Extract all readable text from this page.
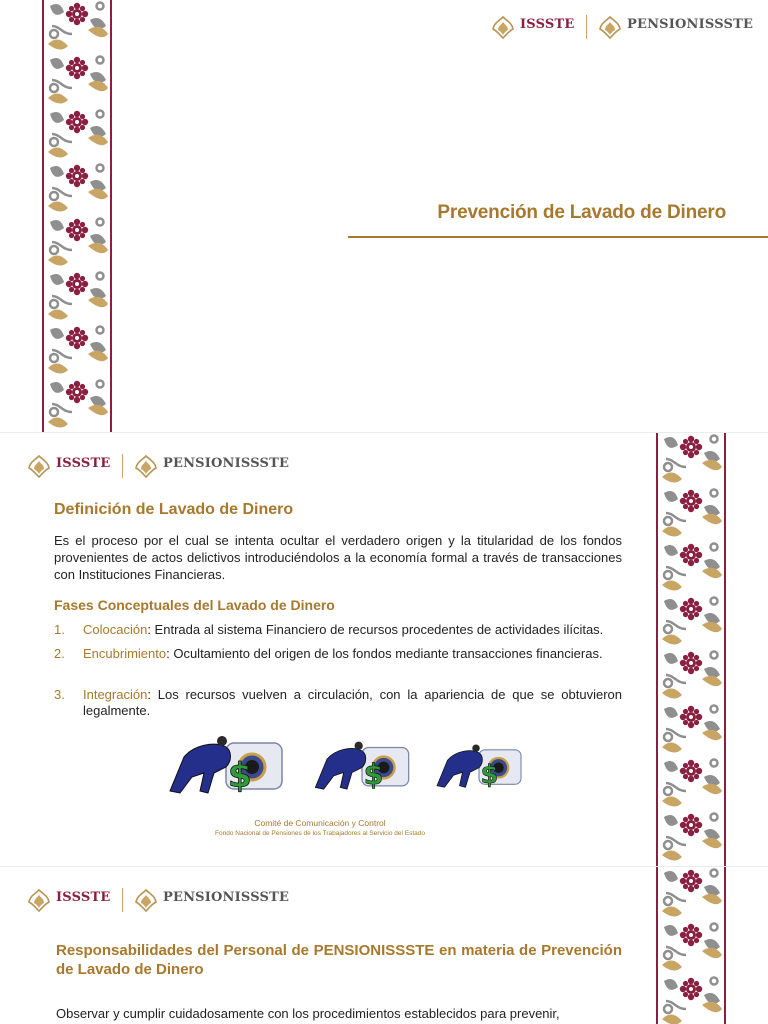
ISSSTE
	PENSIONISSSTE

Prevención de Lavado de Dinero
ISSSTE
	PENSIONISSSTE

Definición de Lavado de Dinero

Es el proceso por el cual se intenta ocultar el verdadero origen y la titularidad de los fondos provenientes de actos delictivos introduciéndolos a la economía formal a través de transacciones con Instituciones Financieras.

Fases Conceptuales del Lavado de Dinero
1.	Colocación: Entrada al sistema Financiero de recursos procedentes de actividades ilícitas.
2.	Encubrimiento: Ocultamiento del origen de los fondos mediante transacciones financieras.
3.	Integración: Los recursos vuelven a circulación, con la apariencia de que se obtuvieron legalmente.
Comité de Comunicación y Control
Fondo Nacional de Pensiones de los Trabajadores al Servicio del Estado
ISSSTE
	PENSIONISSSTE

Responsabilidades del Personal de PENSIONISSSTE en materia de Prevención de Lavado de Dinero

Observar y cumplir cuidadosamente con los procedimientos establecidos para prevenir,
